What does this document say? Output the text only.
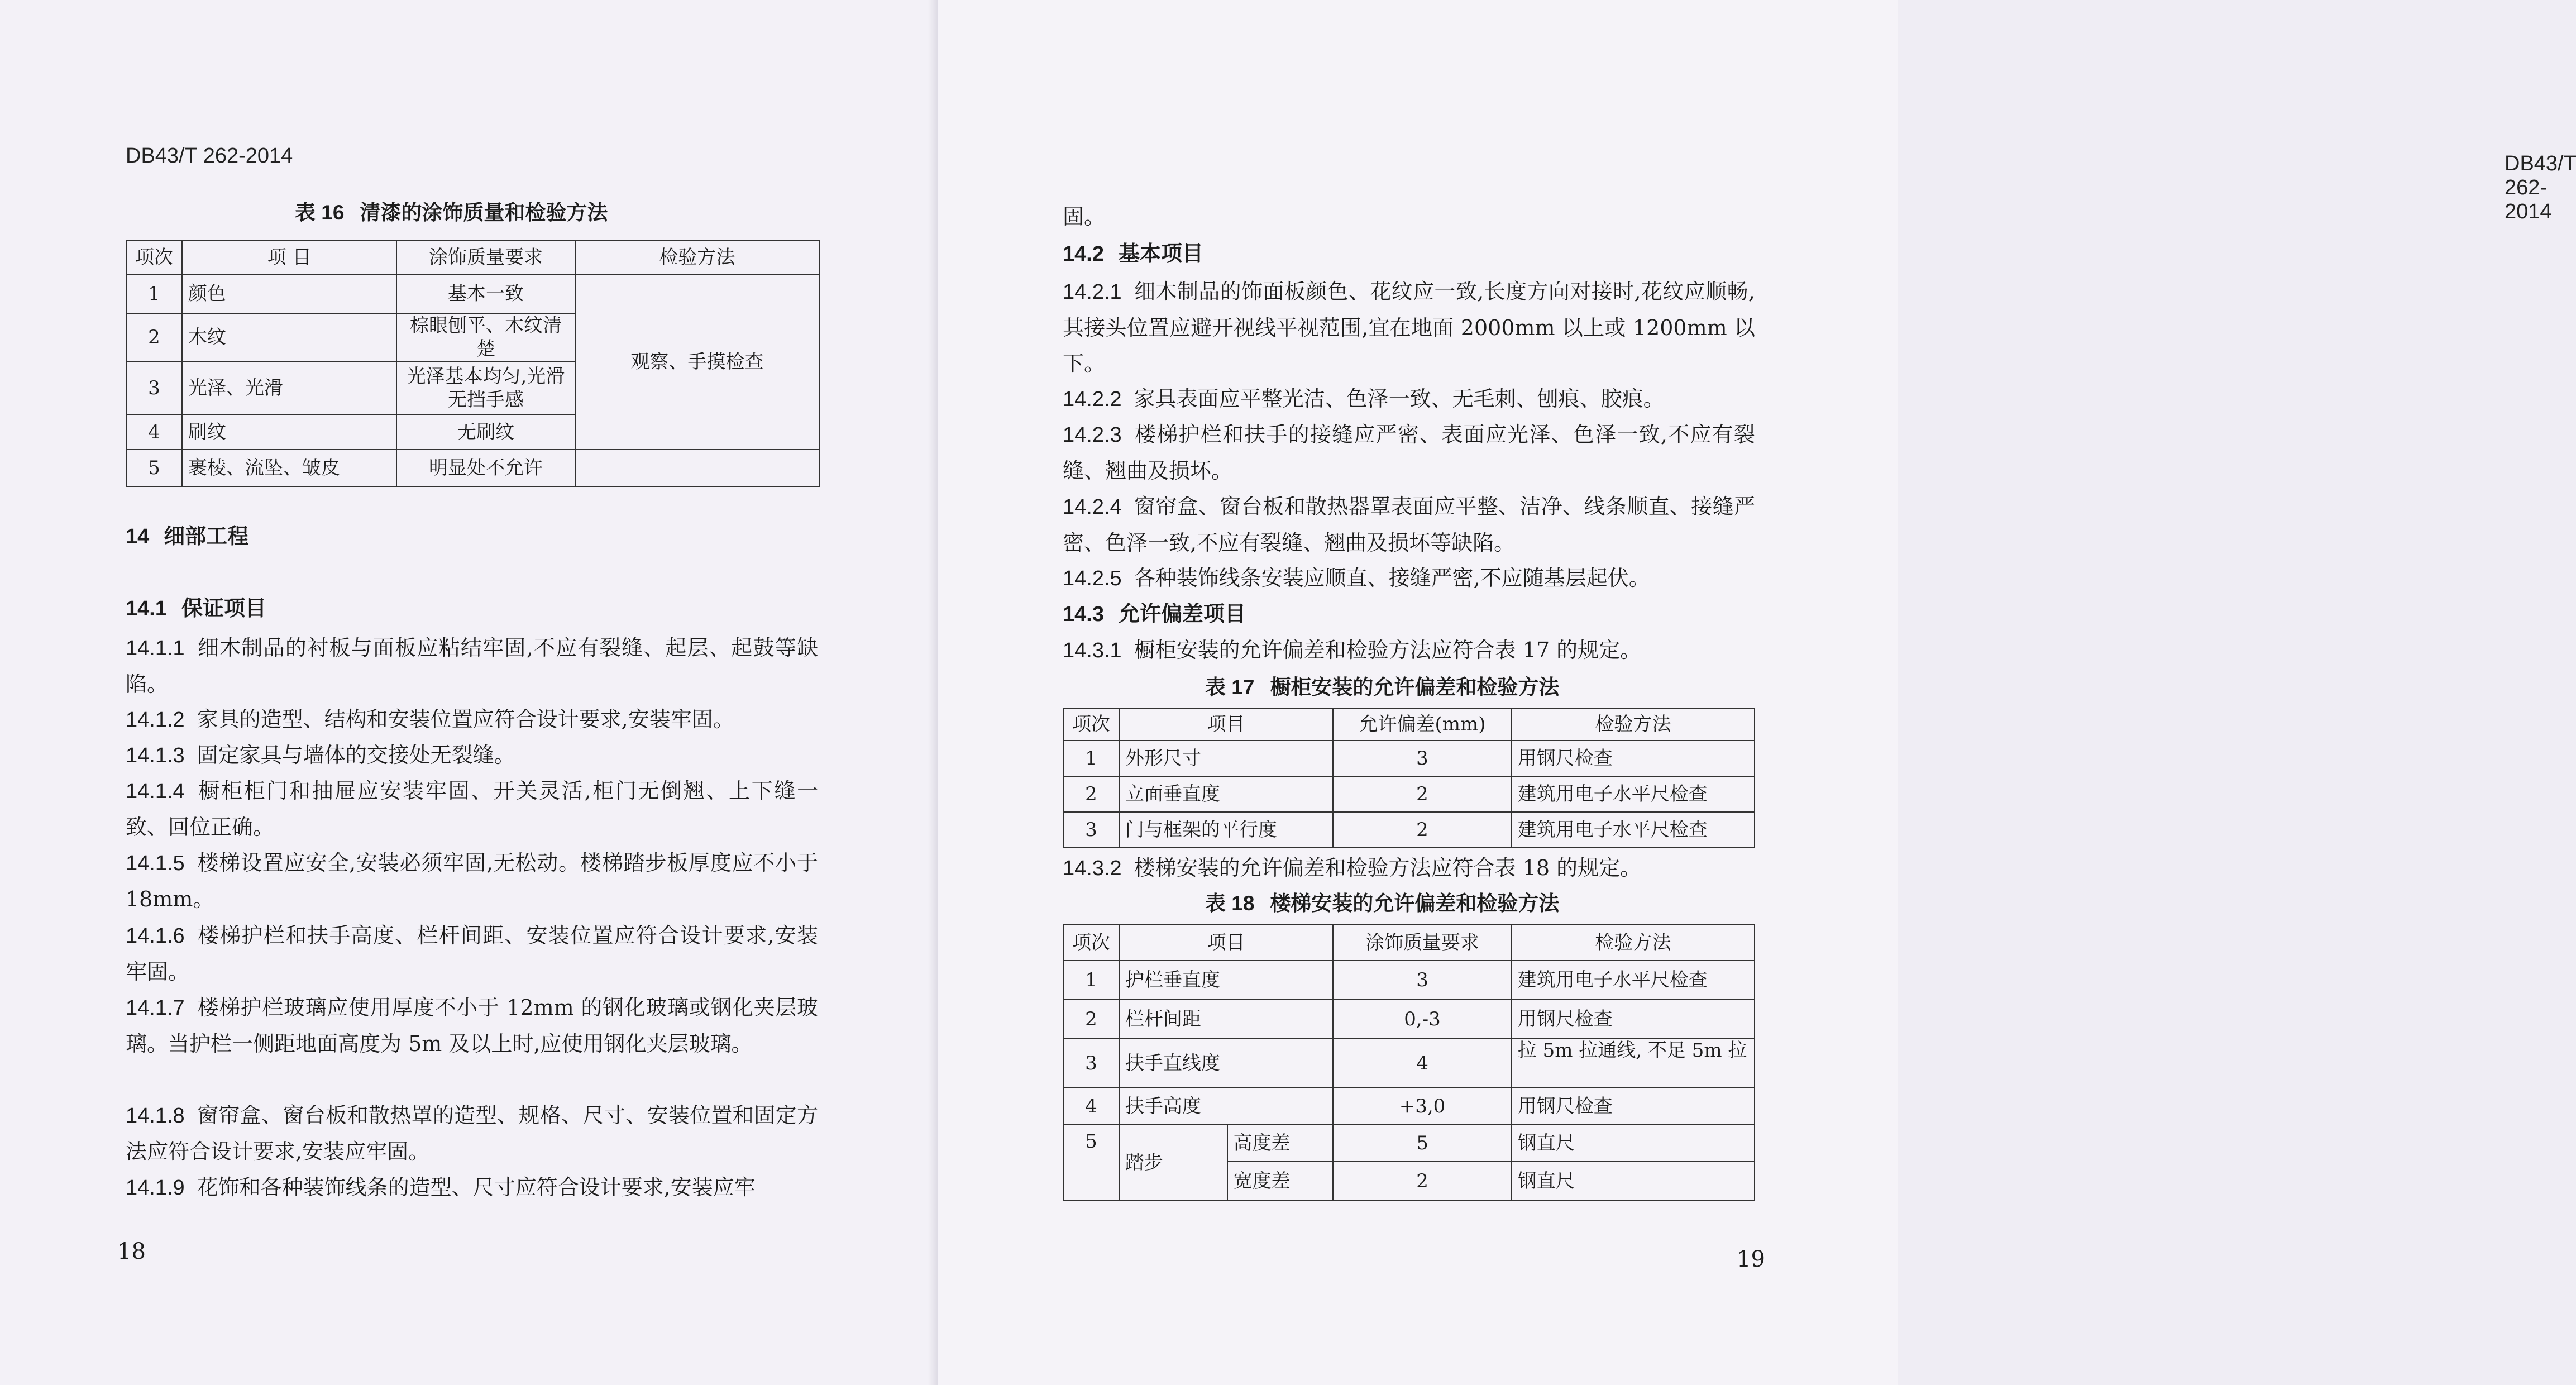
DB43/T 262-2014
表 16 清漆的涂饰质量和检验方法
项次	项 目	涂饰质量要求	检验方法
1	颜色	基本一致	观察、手摸检查
2	木纹	棕眼刨平、木纹清楚	
3	光泽、光滑	光泽基本均匀,光滑无挡手感	
4	刷纹	无刷纹	
5	裹棱、流坠、皱皮	明显处不允许	
14 细部工程
14.1 保证项目
14.1.1 细木制品的衬板与面板应粘结牢固,不应有裂缝、起层、起鼓等缺陷。
14.1.2 家具的造型、结构和安装位置应符合设计要求,安装牢固。
14.1.3 固定家具与墙体的交接处无裂缝。
14.1.4 橱柜柜门和抽屉应安装牢固、开关灵活,柜门无倒翘、上下缝一致、回位正确。
14.1.5 楼梯设置应安全,安装必须牢固,无松动。楼梯踏步板厚度应不小于 18mm。
14.1.6 楼梯护栏和扶手高度、栏杆间距、安装位置应符合设计要求,安装牢固。
14.1.7 楼梯护栏玻璃应使用厚度不小于 12mm 的钢化玻璃或钢化夹层玻璃。当护栏一侧距地面高度为 5m 及以上时,应使用钢化夹层玻璃。
14.1.8 窗帘盒、窗台板和散热罩的造型、规格、尺寸、安装位置和固定方法应符合设计要求,安装应牢固。
14.1.9 花饰和各种装饰线条的造型、尺寸应符合设计要求,安装应牢
18
DB43/T 262-2014
固。
14.2 基本项目
14.2.1 细木制品的饰面板颜色、花纹应一致,长度方向对接时,花纹应顺畅,其接头位置应避开视线平视范围,宜在地面 2000mm 以上或 1200mm 以下。
14.2.2 家具表面应平整光洁、色泽一致、无毛刺、刨痕、胶痕。
14.2.3 楼梯护栏和扶手的接缝应严密、表面应光泽、色泽一致,不应有裂缝、翘曲及损坏。
14.2.4 窗帘盒、窗台板和散热器罩表面应平整、洁净、线条顺直、接缝严密、色泽一致,不应有裂缝、翘曲及损坏等缺陷。
14.2.5 各种装饰线条安装应顺直、接缝严密,不应随基层起伏。
14.3 允许偏差项目
14.3.1 橱柜安装的允许偏差和检验方法应符合表 17 的规定。
表 17 橱柜安装的允许偏差和检验方法
项次	项目	允许偏差(mm)	检验方法
1	外形尺寸	3	用钢尺检查
2	立面垂直度	2	建筑用电子水平尺检查
3	门与框架的平行度	2	建筑用电子水平尺检查
14.3.2 楼梯安装的允许偏差和检验方法应符合表 18 的规定。
表 18 楼梯安装的允许偏差和检验方法
项次	项目		涂饰质量要求	检验方法
1	护栏垂直度		3	建筑用电子水平尺检查
2	栏杆间距		0,-3	用钢尺检查
3	扶手直线度		4	拉 5m 拉通线, 不足 5m 拉
4	扶手高度		+3,0	用钢尺检查
5	踏步	高度差	5	钢直尺
		宽度差	2	钢直尺
19
